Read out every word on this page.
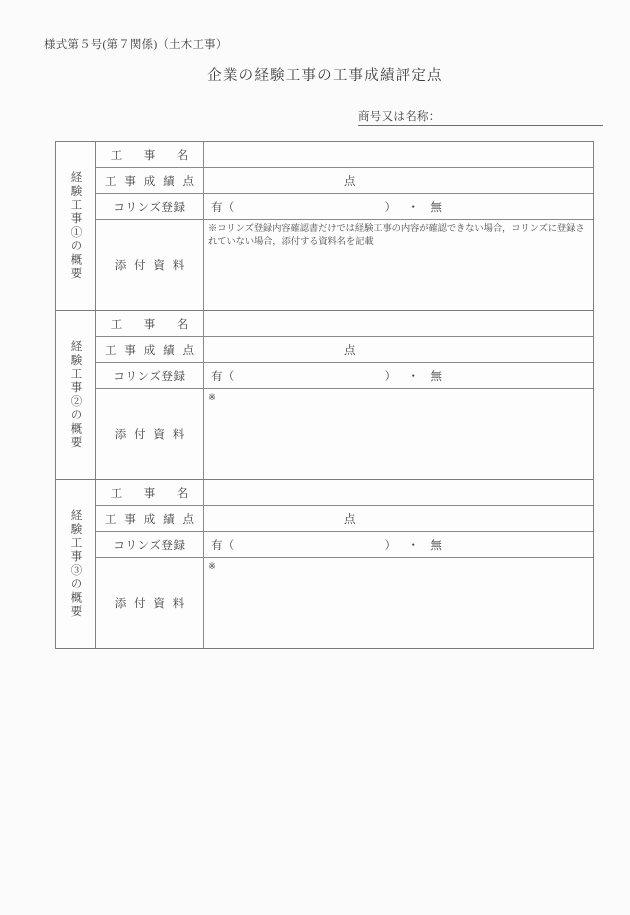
様式第５号(第７関係)（土木工事）
企業の経験工事の工事成績評定点
商号又は名称：
経験工事①の概要
工　事　名
工 事 成 績 点	点
コリンズ登録 有（	） ・ 無
添 付 資 料
※コリンズ登録内容確認書だけでは経験工事の内容が確認できない場合，コリンズに登録されていない場合，添付する資料名を記載
経験工事②の概要
工　事　名
工 事 成 績 点	点
コリンズ登録 有（	） ・ 無
添 付 資 料
※
経験工事③の概要
工　事　名
工 事 成 績 点	点
コリンズ登録 有（	） ・ 無
添 付 資 料
※
